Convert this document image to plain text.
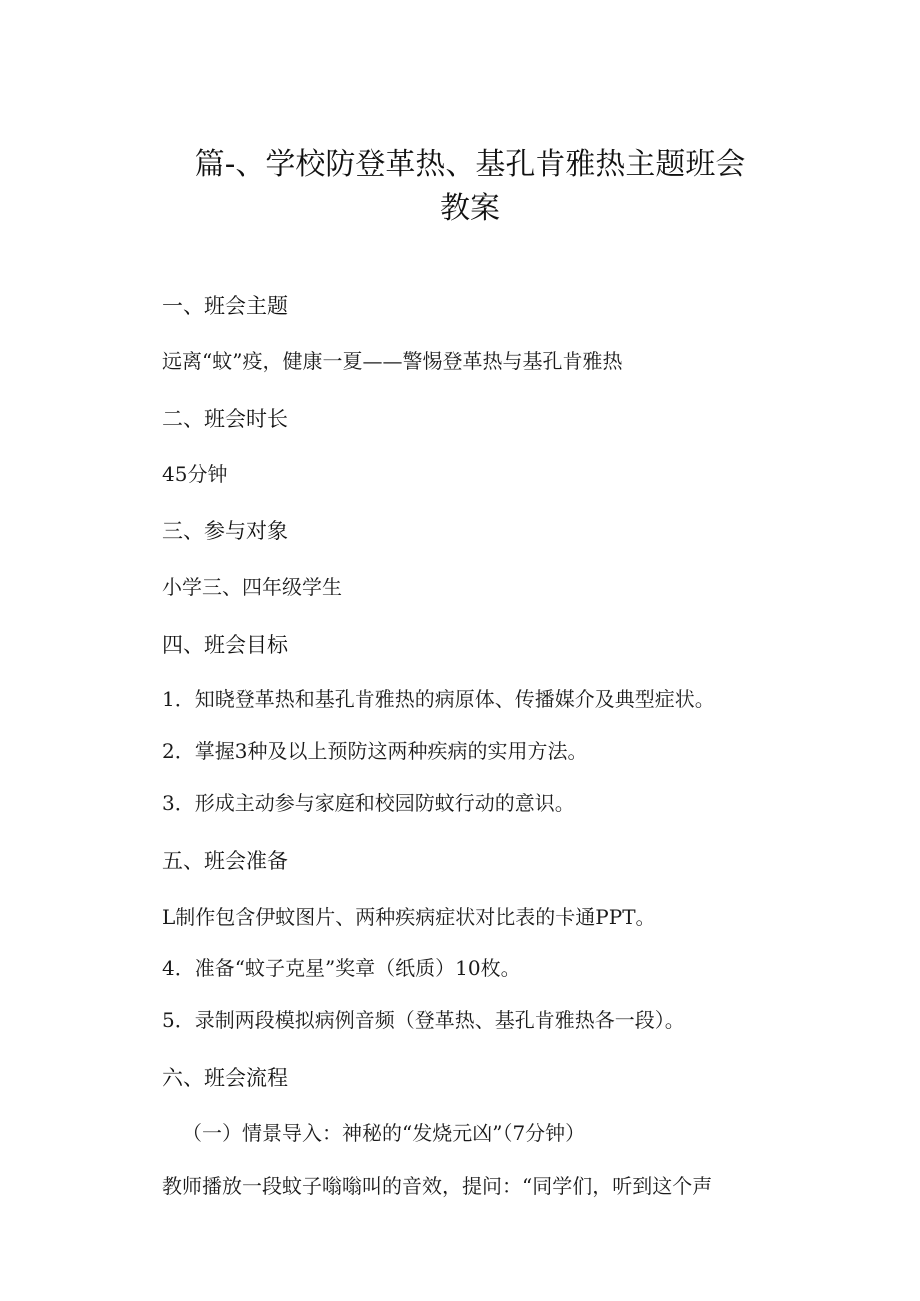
篇-、学校防登革热、基孔肯雅热主题班会
教案
一、班会主题

远离“蚊”疫，健康一夏——警惕登革热与基孔肯雅热

二、班会时长

45分钟

三、参与对象

小学三、四年级学生

四、班会目标

1．知晓登革热和基孔肯雅热的病原体、传播媒介及典型症状。

2．掌握3种及以上预防这两种疾病的实用方法。

3．形成主动参与家庭和校园防蚊行动的意识。

五、班会准备

L制作包含伊蚊图片、两种疾病症状对比表的卡通PPT。

4．准备“蚊子克星”奖章（纸质）10枚。

5．录制两段模拟病例音频（登革热、基孔肯雅热各一段）。

六、班会流程

（一）情景导入：神秘的“发烧元凶”（7分钟）

教师播放一段蚊子嗡嗡叫的音效，提问：“同学们，听到这个声
